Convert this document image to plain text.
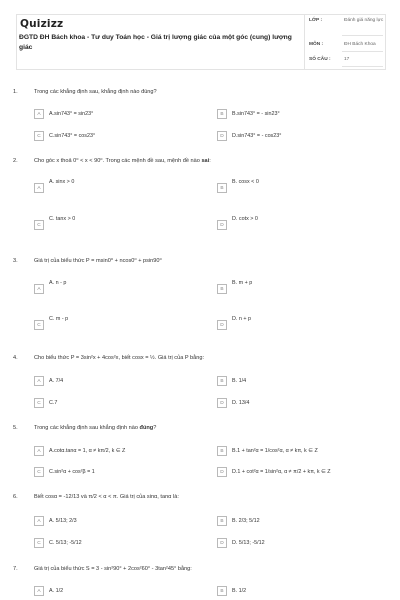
Quizizz
ĐGTD ĐH Bách khoa - Tư duy Toán học - Giá trị lượng giác của một góc (cung) lượng giác
LỚP :	Đánh giá năng lực
MÔN :	ĐH Bách Khoa
SỐ CÂU :	17
1.	Trong các khẳng định sau, khẳng định nào đúng?
A	A.sin743° = sin23°	B	B.sin743° = - sin23°
C	C.sin743° = cos23°	D	D.sin743° = - cos23°
2.	Cho góc x thoả 0⁰ < x < 90⁰. Trong các mệnh đề sau, mệnh đề nào sai:
A
A. sinx > 0
B
B. cosx < 0
C
C. tanx > 0
D
D. cotx > 0
3.	Giá trị của biểu thức P = msin0⁰ + ncos0⁰ + psin90⁰
A
A. n - p
B
B. m + p
C
C. m - p
D
D. n + p
4.	Cho biểu thức P = 3sin²x + 4cos²x, biết cosx = ½. Giá trị của P bằng:
A	A. 7/4	B	B. 1/4
C	C.7	D	D. 13/4
5.	Trong các khẳng định sau khẳng định nào đúng?
A	A.cotα.tanα = 1, α ≠ kπ/2, k ∈ Z	B	B.1 + tan²α = 1/cos²α, α ≠ kπ, k ∈ Z
C	C.sin²α + cos²β = 1	D	D.1 + cot²α = 1/sin²α, α ≠ π/2 + kπ, k ∈ Z
6.	Biết cosα = -12/13 và π/2 < α < π. Giá trị của sinα, tanα là:
A	A. 5/13; 2/3	B	B. 2/3; 5/12
C	C. 5/13; -5/12	D	D. 5/13; -5/12
7.	Giá trị của biểu thức S = 3 - sin²90° + 2cos²60° - 3tan²45° bằng:
A	A. 1/2	B	B. 1/2
